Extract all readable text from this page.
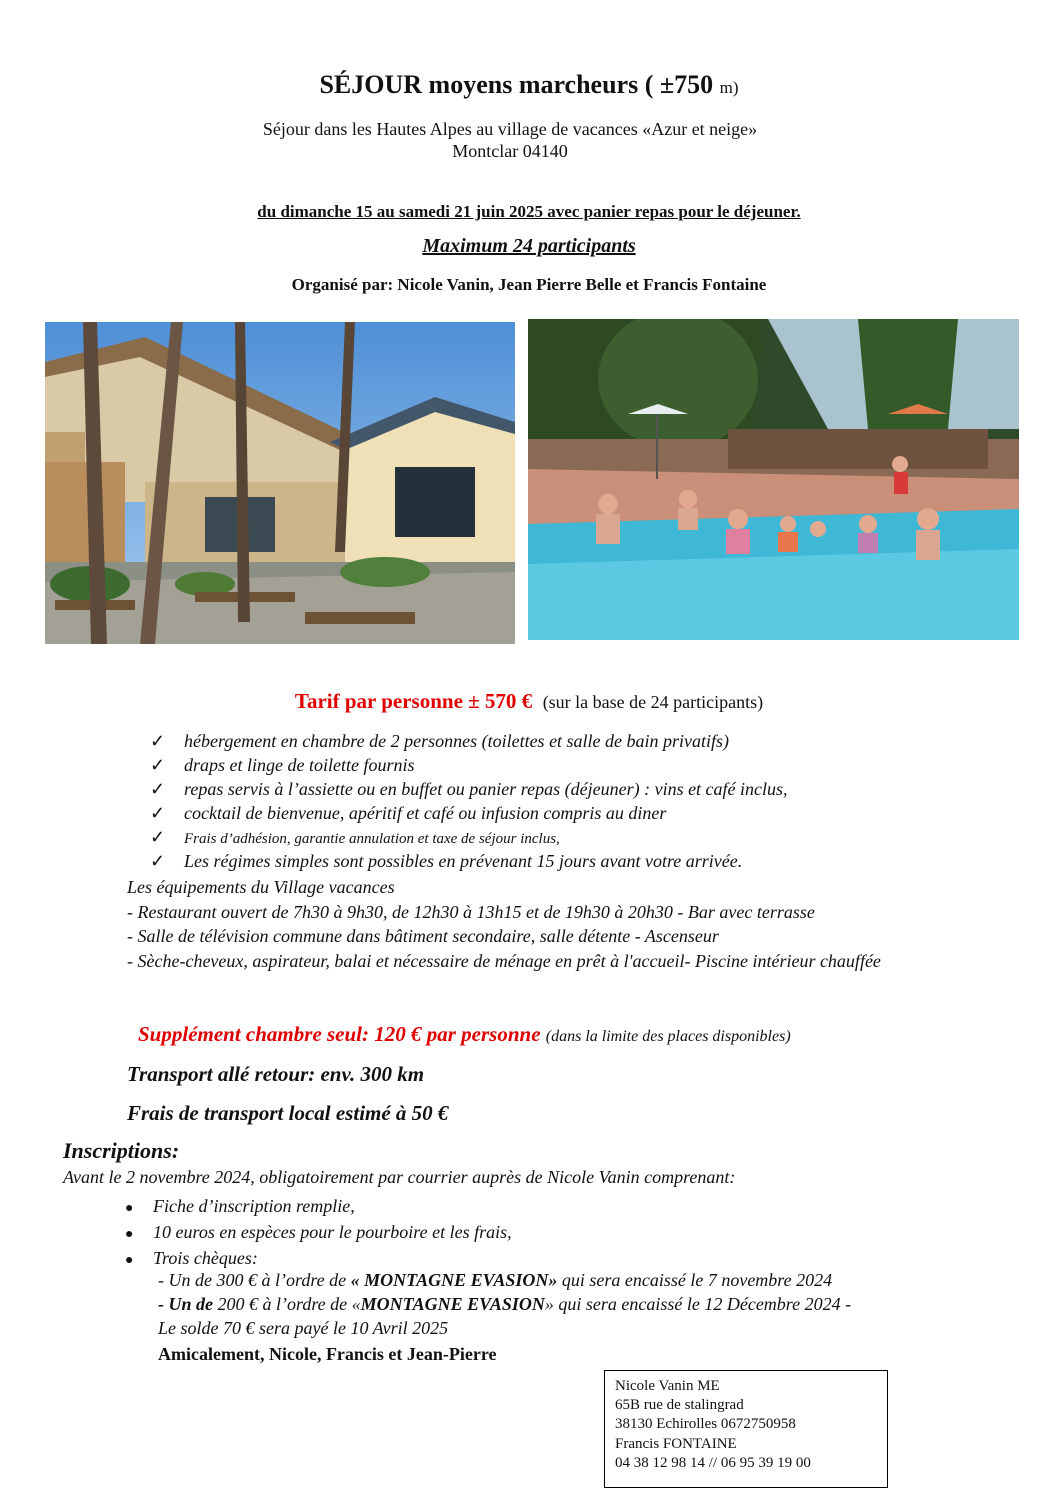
SÉJOUR moyens marcheurs ( ±750 m)
Séjour dans les Hautes Alpes au village de vacances «Azur et neige»
Montclar 04140
du dimanche 15 au samedi 21 juin 2025 avec panier repas pour le déjeuner.
Maximum 24 participants
Organisé par: Nicole Vanin, Jean Pierre Belle et Francis Fontaine
Tarif par personne ± 570 € (sur la base de 24 participants)
✓ hébergement en chambre de 2 personnes (toilettes et salle de bain privatifs)
✓ draps et linge de toilette fournis
✓ repas servis à l’assiette ou en buffet ou panier repas (déjeuner) : vins et café inclus,
✓ cocktail de bienvenue, apéritif et café ou infusion compris au diner
✓ Frais d’adhésion, garantie annulation et taxe de séjour inclus,
✓ Les régimes simples sont possibles en prévenant 15 jours avant votre arrivée.
Les équipements du Village vacances
- Restaurant ouvert de 7h30 à 9h30, de 12h30 à 13h15 et de 19h30 à 20h30 - Bar avec terrasse
- Salle de télévision commune dans bâtiment secondaire, salle détente - Ascenseur
- Sèche-cheveux, aspirateur, balai et nécessaire de ménage en prêt à l'accueil- Piscine intérieur chauffée
Supplément chambre seul: 120 € par personne (dans la limite des places disponibles)
Transport allé retour: env. 300 km
Frais de transport local estimé à 50 €
Inscriptions:
Avant le 2 novembre 2024, obligatoirement par courrier auprès de Nicole Vanin comprenant:
● Fiche d’inscription remplie,
● 10 euros en espèces pour le pourboire et les frais,
● Trois chèques:
- Un de 300 € à l’ordre de « MONTAGNE EVASION» qui sera encaissé le 7 novembre 2024
- Un de 200 € à l’ordre de «MONTAGNE EVASION» qui sera encaissé le 12 Décembre 2024 -
Le solde 70 € sera payé le 10 Avril 2025
Amicalement, Nicole, Francis et Jean-Pierre
Nicole Vanin ME
65B rue de stalingrad
38130 Echirolles 0672750958
Francis FONTAINE
04 38 12 98 14 // 06 95 39 19 00
